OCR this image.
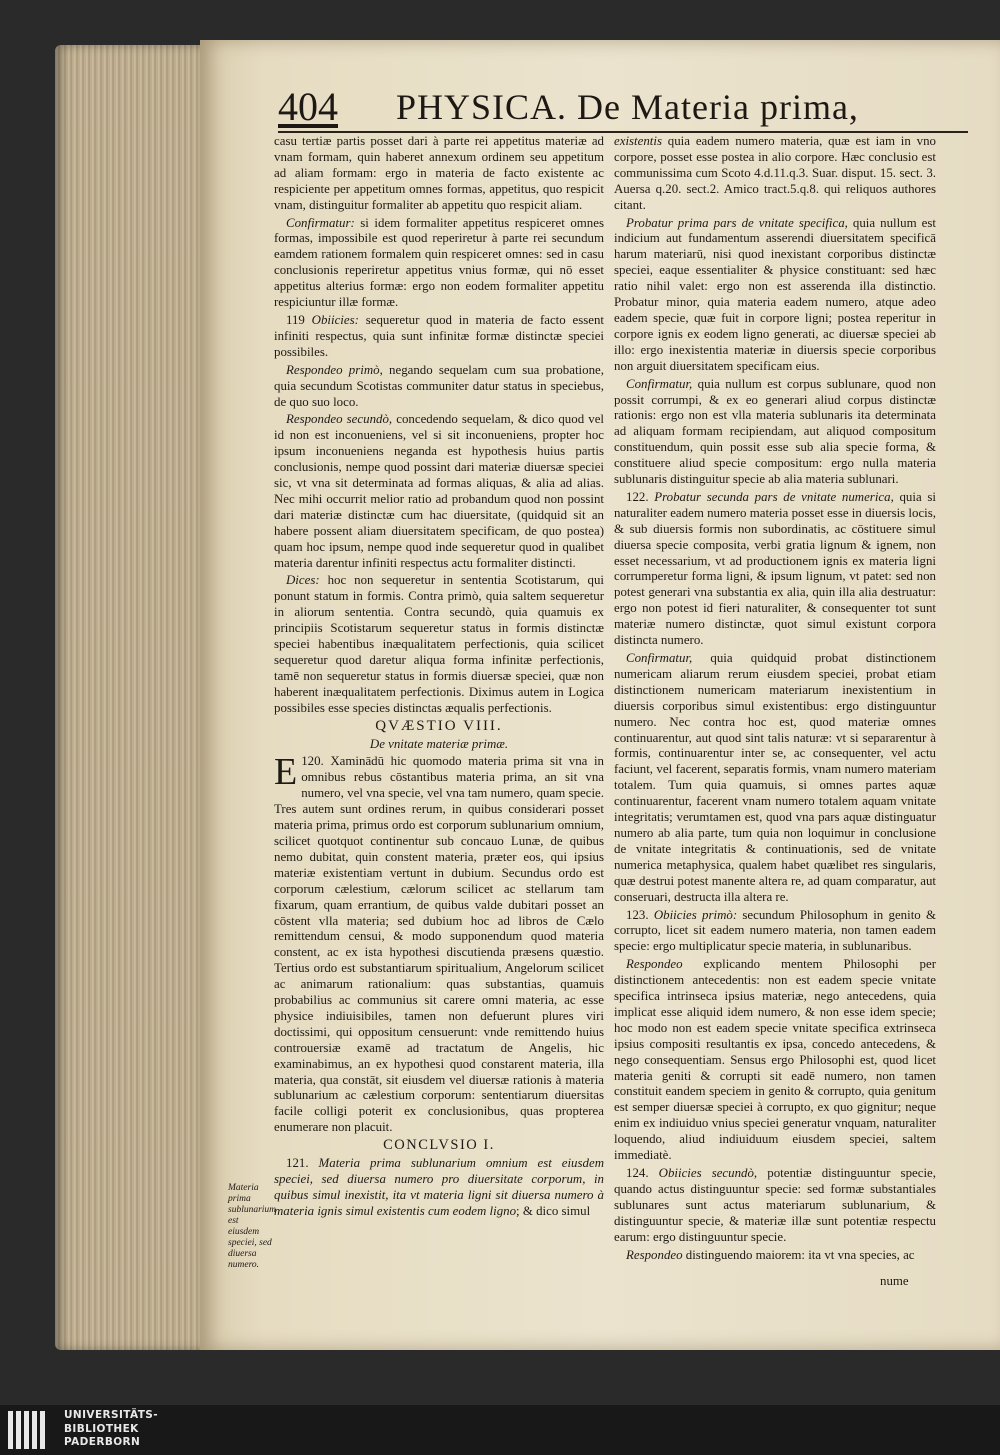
404 PHYSICA. De Materia prima,

casu tertiæ partis posset dari à parte rei appetitus materiæ ad vnam formam, quin haberet annexum ordinem seu appetitum ad aliam formam: ergo in materia de facto existente ac respiciente per appetitum omnes formas, appetitus, quo respicit vnam, distinguitur formaliter ab appetitu quo respicit aliam.

Confirmatur: si idem formaliter appetitus respiceret omnes formas, impossibile est quod reperiretur à parte rei secundum eamdem rationem formalem quin respiceret omnes: sed in casu conclusionis reperiretur appetitus vnius formæ, qui nō esset appetitus alterius formæ: ergo non eodem formaliter appetitu respiciuntur illæ formæ.

119 Obiicies: sequeretur quod in materia de facto essent infiniti respectus, quia sunt infinitæ formæ distinctæ speciei possibiles.

Respondeo primò, negando sequelam cum sua probatione, quia secundum Scotistas communiter datur status in speciebus, de quo suo loco.

Respondeo secundò, concedendo sequelam, & dico quod vel id non est inconueniens, vel si sit inconueniens, propter hoc ipsum inconueniens neganda est hypothesis huius partis conclusionis, nempe quod possint dari materiæ diuersæ speciei sic, vt vna sit determinata ad formas aliquas, & alia ad alias. Nec mihi occurrit melior ratio ad probandum quod non possint dari materiæ distinctæ cum hac diuersitate, (quidquid sit an habere possent aliam diuersitatem specificam, de quo postea) quam hoc ipsum, nempe quod inde sequeretur quod in qualibet materia darentur infiniti respectus actu formaliter distincti.

Dices: hoc non sequeretur in sententia Scotistarum, qui ponunt statum in formis. Contra primò, quia saltem sequeretur in aliorum sententia. Contra secundò, quia quamuis ex principiis Scotistarum sequeretur status in formis distinctæ speciei habentibus inæqualitatem perfectionis, quia scilicet sequeretur quod daretur aliqua forma infinitæ perfectionis, tamē non sequeretur status in formis diuersæ speciei, quæ non haberent inæqualitatem perfectionis. Diximus autem in Logica possibiles esse species distinctas æqualis perfectionis.

QVÆSTIO VIII.

De vnitate materiæ primæ.

120.
E	Xaminādū hic quomodo materia prima sit vna in omnibus rebus cōstantibus materia prima, an sit vna numero, vel vna specie, vel vna tam numero, quam specie. Tres autem sunt ordines rerum, in quibus considerari posset materia prima, primus ordo est corporum sublunarium omnium, scilicet quotquot continentur sub concauo Lunæ, de quibus nemo dubitat, quin constent materia, præter eos, qui ipsius materiæ existentiam vertunt in dubium. Secundus ordo est corporum cælestium, cælorum scilicet ac stellarum tam fixarum, quam errantium, de quibus valde dubitari posset an cōstent vlla materia; sed dubium hoc ad libros de Cælo remittendum censui, & modo supponendum quod materia constent, ac ex ista hypothesi discutienda præsens quæstio. Tertius ordo est substantiarum spiritualium, Angelorum scilicet ac animarum rationalium: quas substantias, quamuis probabilius ac communius sit carere omni materia, ac esse physice indiuisibiles, tamen non defuerunt plures viri doctissimi, qui oppositum censuerunt: vnde remittendo huius controuersiæ examē ad tractatum de Angelis, hic examinabimus, an ex hypothesi quod constarent materia, illa materia, qua constāt, sit eiusdem vel diuersæ rationis à materia sublunarium ac cælestium corporum: sententiarum diuersitas facile colligi poterit ex conclusionibus, quas propterea enumerare non placuit.

CONCLVSIO I.

121. Materia prima sublunarium omnium est eiusdem speciei, sed diuersa numero pro diuersitate corporum, in quibus simul inexistit, ita vt materia ligni sit diuersa numero à materia ignis simul existentis cum eodem ligno; & dico simul

Materia prima sublunarium est eiusdem speciei, sed diuersa numero.

existentis quia eadem numero materia, quæ est iam in vno corpore, posset esse postea in alio corpore. Hæc conclusio est communissima cum Scoto 4.d.11.q.3. Suar. disput. 15. sect. 3. Auersa q.20. sect.2. Amico tract.5.q.8. qui reliquos authores citant.

Probatur prima pars de vnitate specifica, quia nullum est indicium aut fundamentum asserendi diuersitatem specificā harum materiarū, nisi quod inexistant corporibus distinctæ speciei, eaque essentialiter & physice constituant: sed hæc ratio nihil valet: ergo non est asserenda illa distinctio. Probatur minor, quia materia eadem numero, atque adeo eadem specie, quæ fuit in corpore ligni; postea reperitur in corpore ignis ex eodem ligno generati, ac diuersæ speciei ab illo: ergo inexistentia materiæ in diuersis specie corporibus non arguit diuersitatem specificam eius.

Confirmatur, quia nullum est corpus sublunare, quod non possit corrumpi, & ex eo generari aliud corpus distinctæ rationis: ergo non est vlla materia sublunaris ita determinata ad aliquam formam recipiendam, aut aliquod compositum constituendum, quin possit esse sub alia specie forma, & constituere aliud specie compositum: ergo nulla materia sublunaris distinguitur specie ab alia materia sublunari.

122. Probatur secunda pars de vnitate numerica, quia si naturaliter eadem numero materia posset esse in diuersis locis, & sub diuersis formis non subordinatis, ac cōstituere simul diuersa specie composita, verbi gratia lignum & ignem, non esset necessarium, vt ad productionem ignis ex materia ligni corrumperetur forma ligni, & ipsum lignum, vt patet: sed non potest generari vna substantia ex alia, quin illa alia destruatur: ergo non potest id fieri naturaliter, & consequenter tot sunt materiæ numero distinctæ, quot simul existunt corpora distincta numero.

Confirmatur, quia quidquid probat distinctionem numericam aliarum rerum eiusdem speciei, probat etiam distinctionem numericam materiarum inexistentium in diuersis corporibus simul existentibus: ergo distinguuntur numero. Nec contra hoc est, quod materiæ omnes continuarentur, aut quod sint talis naturæ: vt si separarentur à formis, continuarentur inter se, ac consequenter, vel actu faciunt, vel facerent, separatis formis, vnam numero materiam totalem. Tum quia quamuis, si omnes partes aquæ continuarentur, facerent vnam numero totalem aquam vnitate integritatis; verumtamen est, quod vna pars aquæ distinguatur numero ab alia parte, tum quia non loquimur in conclusione de vnitate integritatis & continuationis, sed de vnitate numerica metaphysica, qualem habet quælibet res singularis, quæ destrui potest manente altera re, ad quam comparatur, aut conseruari, destructa illa altera re.

123. Obiicies primò: secundum Philosophum in genito & corrupto, licet sit eadem numero materia, non tamen eadem specie: ergo multiplicatur specie materia, in sublunaribus.

Respondeo explicando mentem Philosophi per distinctionem antecedentis: non est eadem specie vnitate specifica intrinseca ipsius materiæ, nego antecedens, quia implicat esse aliquid idem numero, & non esse idem specie; hoc modo non est eadem specie vnitate specifica extrinseca ipsius compositi resultantis ex ipsa, concedo antecedens, & nego consequentiam. Sensus ergo Philosophi est, quod licet materia geniti & corrupti sit eadē numero, non tamen constituit eandem speciem in genito & corrupto, quia genitum est semper diuersæ speciei à corrupto, ex quo gignitur; neque enim ex indiuiduo vnius speciei generatur vnquam, naturaliter loquendo, aliud indiuiduum eiusdem speciei, saltem immediatè.

124. Obiicies secundò, potentiæ distinguuntur specie, quando actus distinguuntur specie: sed formæ substantiales sublunares sunt actus materiarum sublunarium, & distinguuntur specie, & materiæ illæ sunt potentiæ respectu earum: ergo distinguuntur specie.

Respondeo distinguendo maiorem: ita vt vna species, ac

nume
UNIVERSITÄTS-
BIBLIOTHEK
PADERBORN
